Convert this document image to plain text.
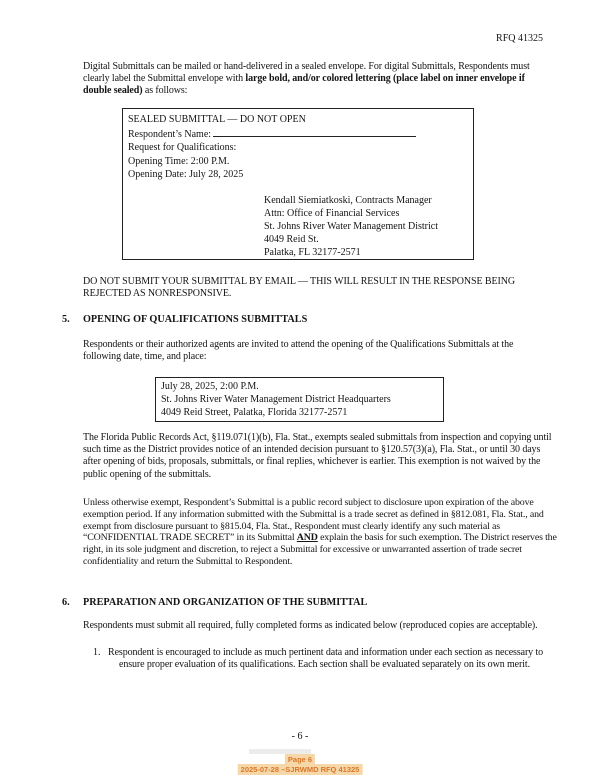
RFQ 41325

Digital Submittals can be mailed or hand-delivered in a sealed envelope. For digital Submittals, Respondents must clearly label the Submittal envelope with large bold, and/or colored lettering (place label on inner envelope if double sealed) as follows:

SEALED SUBMITTAL — DO NOT OPEN
Respondent’s Name:
Request for Qualifications:
Opening Time: 2:00 P.M.
Opening Date: July 28, 2025
Kendall Siemiatkoski, Contracts Manager
Attn: Office of Financial Services
St. Johns River Water Management District
4049 Reid St.
Palatka, FL 32177-2571

DO NOT SUBMIT YOUR SUBMITTAL BY EMAIL — THIS WILL RESULT IN THE RESPONSE BEING REJECTED AS NONRESPONSIVE.

5. OPENING OF QUALIFICATIONS SUBMITTALS

Respondents or their authorized agents are invited to attend the opening of the Qualifications Submittals at the following date, time, and place:

July 28, 2025, 2:00 P.M.
St. Johns River Water Management District Headquarters
4049 Reid Street, Palatka, Florida 32177-2571

The Florida Public Records Act, §119.071(1)(b), Fla. Stat., exempts sealed submittals from inspection and copying until such time as the District provides notice of an intended decision pursuant to §120.57(3)(a), Fla. Stat., or until 30 days after opening of bids, proposals, submittals, or final replies, whichever is earlier. This exemption is not waived by the public opening of the submittals.

Unless otherwise exempt, Respondent’s Submittal is a public record subject to disclosure upon expiration of the above exemption period. If any information submitted with the Submittal is a trade secret as defined in §812.081, Fla. Stat., and exempt from disclosure pursuant to §815.04, Fla. Stat., Respondent must clearly identify any such material as “CONFIDENTIAL TRADE SECRET” in its Submittal AND explain the basis for such exemption. The District reserves the right, in its sole judgment and discretion, to reject a Submittal for excessive or unwarranted assertion of trade secret confidentiality and return the Submittal to Respondent.

6. PREPARATION AND ORGANIZATION OF THE SUBMITTAL

Respondents must submit all required, fully completed forms as indicated below (reproduced copies are acceptable).

1. Respondent is encouraged to include as much pertinent data and information under each section as necessary to ensure proper evaluation of its qualifications. Each section shall be evaluated separately on its own merit.

- 6 -
Page 6
2025-07-28 –SJRWMD RFQ 41325
